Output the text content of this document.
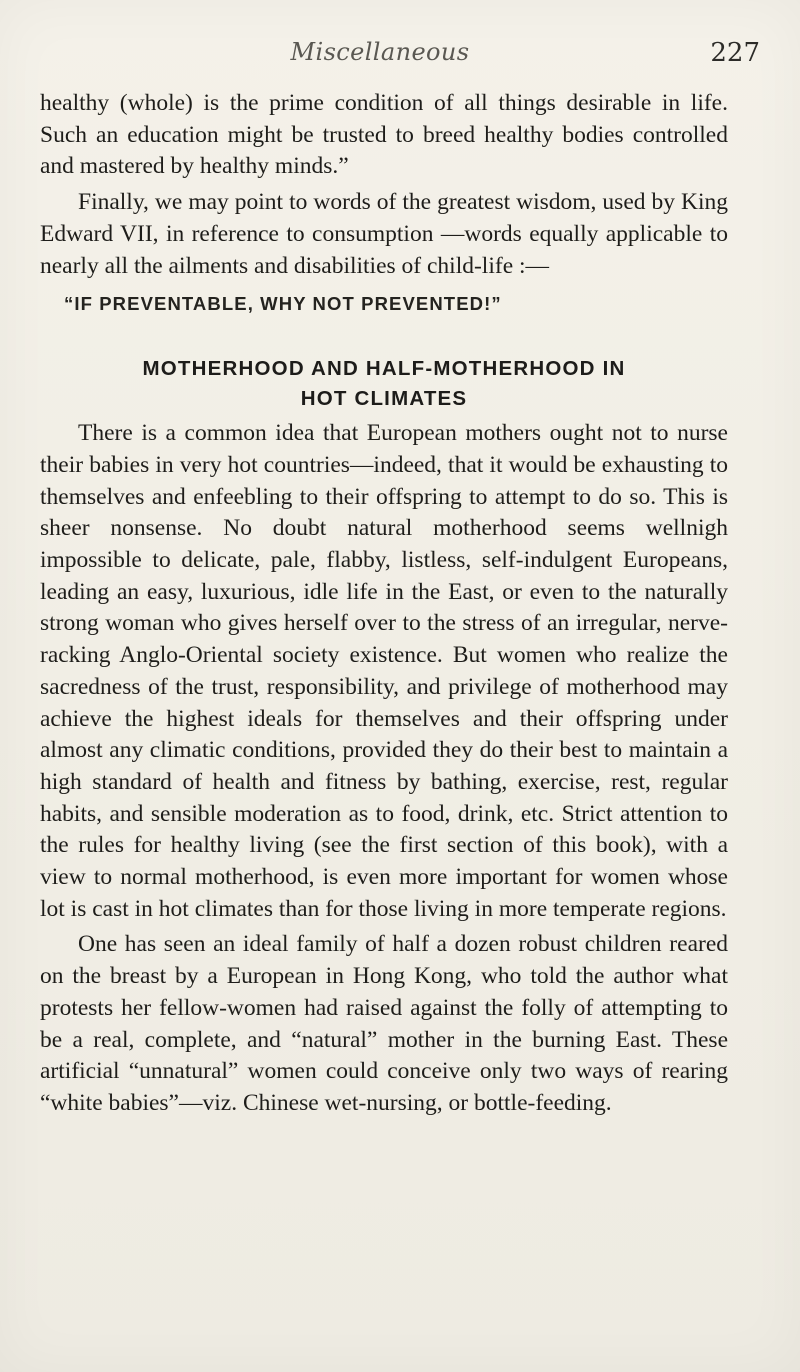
Miscellaneous	227

healthy (whole) is the prime condition of all things desirable in life. Such an education might be trusted to breed healthy bodies controlled and mastered by healthy minds.”

Finally, we may point to words of the greatest wisdom, used by King Edward VII, in reference to consumption —words equally applicable to nearly all the ailments and disabilities of child-life :—

“IF PREVENTABLE, WHY NOT PREVENTED!”

MOTHERHOOD AND HALF-MOTHERHOOD IN
HOT CLIMATES

There is a common idea that European mothers ought not to nurse their babies in very hot countries—indeed, that it would be exhausting to themselves and enfeebling to their offspring to attempt to do so. This is sheer nonsense. No doubt natural motherhood seems wellnigh impossible to delicate, pale, flabby, listless, self-indulgent Europeans, leading an easy, luxurious, idle life in the East, or even to the naturally strong woman who gives herself over to the stress of an irregular, nerve-racking Anglo-Oriental society existence. But women who realize the sacredness of the trust, responsibility, and privilege of motherhood may achieve the highest ideals for themselves and their offspring under almost any climatic conditions, provided they do their best to maintain a high standard of health and fitness by bathing, exercise, rest, regular habits, and sensible moderation as to food, drink, etc. Strict attention to the rules for healthy living (see the first section of this book), with a view to normal motherhood, is even more important for women whose lot is cast in hot climates than for those living in more temperate regions.

One has seen an ideal family of half a dozen robust children reared on the breast by a European in Hong Kong, who told the author what protests her fellow-women had raised against the folly of attempting to be a real, complete, and “natural” mother in the burning East. These artificial “unnatural” women could conceive only two ways of rearing “white babies”—viz. Chinese wet-nursing, or bottle-feeding.
